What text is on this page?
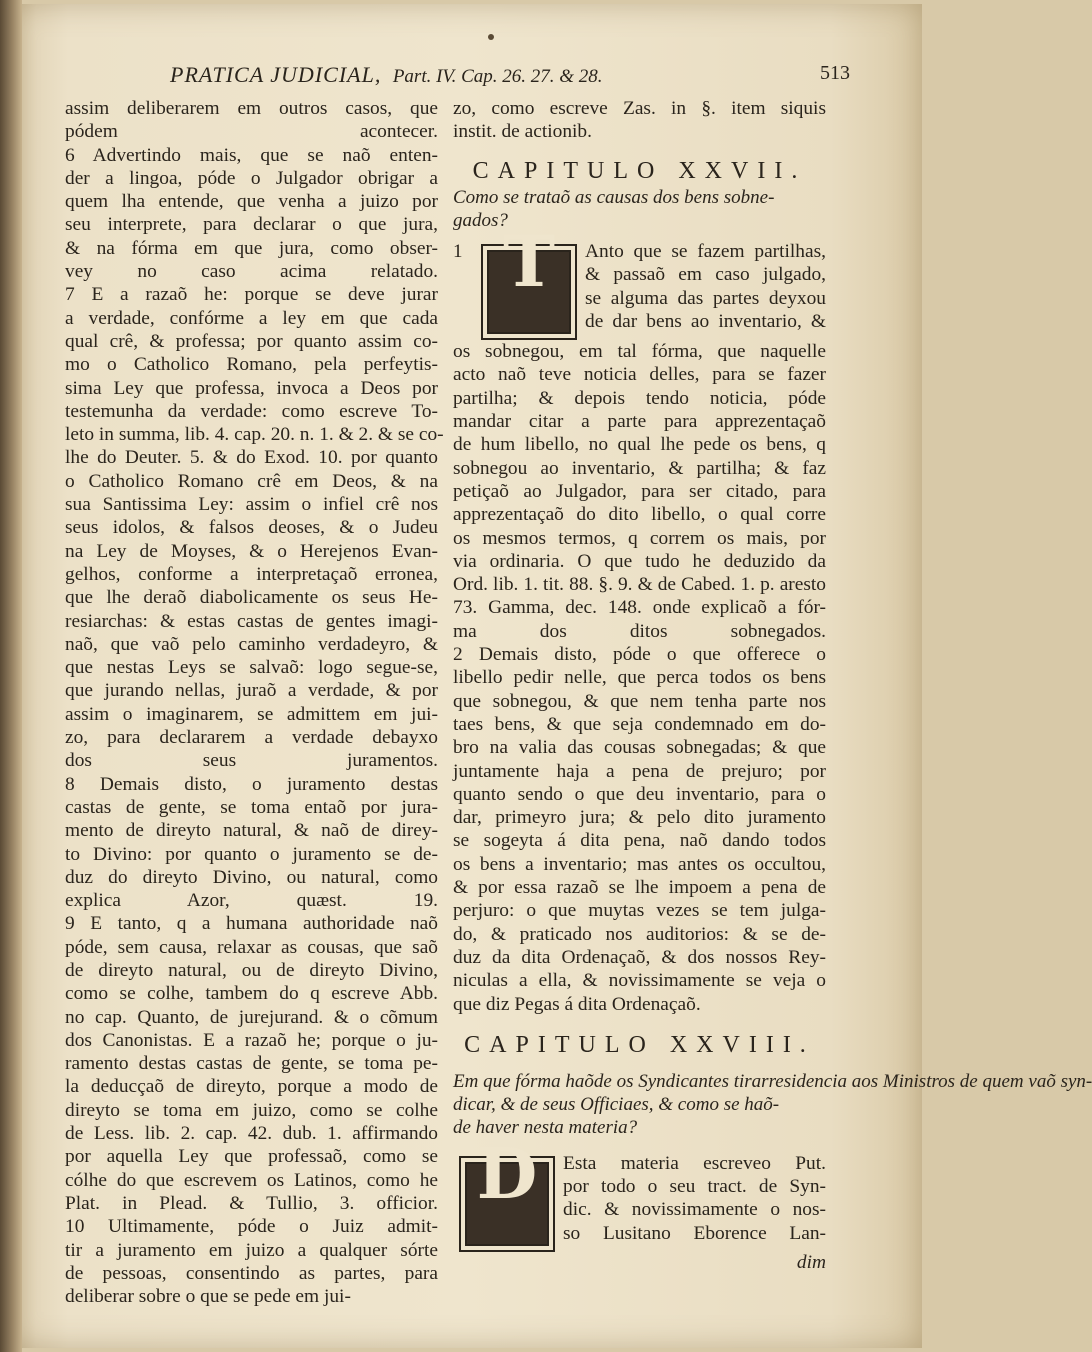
PRATICA JUDICIAL, Part. IV. Cap. 26. 27. & 28.	513
assim deliberarem em outros casos, que
pódem acontecer.
6 Advertindo mais, que se naõ enten-
der a lingoa, póde o Julgador obrigar a
quem lha entende, que venha a juizo por
seu interprete, para declarar o que jura,
& na fórma em que jura, como obser-
vey no caso acima relatado.
7 E a razaõ he: porque se deve jurar
a verdade, confórme a ley em que cada
qual crê, & professa; por quanto assim co-
mo o Catholico Romano, pela perfeytis-
sima Ley que professa, invoca a Deos por
testemunha da verdade: como escreve To-
leto in summa, lib. 4. cap. 20. n. 1. & 2. & se co-
lhe do Deuter. 5. & do Exod. 10. por quanto
o Catholico Romano crê em Deos, & na
sua Santissima Ley: assim o infiel crê nos
seus idolos, & falsos deoses, & o Judeu
na Ley de Moyses, & o Herejenos Evan-
gelhos, conforme a interpretaçaõ erronea,
que lhe deraõ diabolicamente os seus He-
resiarchas: & estas castas de gentes imagi-
naõ, que vaõ pelo caminho verdadeyro, &
que nestas Leys se salvaõ: logo segue-se,
que jurando nellas, juraõ a verdade, & por
assim o imaginarem, se admittem em jui-
zo, para declararem a verdade debayxo
dos seus juramentos.
8 Demais disto, o juramento destas
castas de gente, se toma entaõ por jura-
mento de direyto natural, & naõ de direy-
to Divino: por quanto o juramento se de-
duz do direyto Divino, ou natural, como
explica Azor, quæst. 19.
9 E tanto, q a humana authoridade naõ
póde, sem causa, relaxar as cousas, que saõ
de direyto natural, ou de direyto Divino,
como se colhe, tambem do q escreve Abb.
no cap. Quanto, de jurejurand. & o cõmum
dos Canonistas. E a razaõ he; porque o ju-
ramento destas castas de gente, se toma pe-
la deducçaõ de direyto, porque a modo de
direyto se toma em juizo, como se colhe
de Less. lib. 2. cap. 42. dub. 1. affirmando
por aquella Ley que professaõ, como se
cólhe do que escrevem os Latinos, como he
Plat. in Plead. & Tullio, 3. officior.
10 Ultimamente, póde o Juiz admit-
tir a juramento em juizo a qualquer sórte
de pessoas, consentindo as partes, para
deliberar sobre o que se pede em jui-
zo, como escreve Zas. in §. item siquis
instit. de actionib.
CAPITULO XXVII.
Como se trataõ as causas dos bens sobne-gados?
1 T	Anto que se fazem partilhas,
& passaõ em caso julgado,
se alguma das partes deyxou
de dar bens ao inventario, &
os sobnegou, em tal fórma, que naquelle
acto naõ teve noticia delles, para se fazer
partilha; & depois tendo noticia, póde
mandar citar a parte para apprezentaçaõ
de hum libello, no qual lhe pede os bens, q
sobnegou ao inventario, & partilha; & faz
petiçaõ ao Julgador, para ser citado, para
apprezentaçaõ do dito libello, o qual corre
os mesmos termos, q correm os mais, por
via ordinaria. O que tudo he deduzido da
Ord. lib. 1. tit. 88. §. 9. & de Cabed. 1. p. aresto
73. Gamma, dec. 148. onde explicaõ a fór-
ma dos ditos sobnegados.
2 Demais disto, póde o que offerece o
libello pedir nelle, que perca todos os bens
que sobnegou, & que nem tenha parte nos
taes bens, & que seja condemnado em do-
bro na valia das cousas sobnegadas; & que
juntamente haja a pena de prejuro; por
quanto sendo o que deu inventario, para o
dar, primeyro jura; & pelo dito juramento
se sogeyta á dita pena, naõ dando todos
os bens a inventario; mas antes os occultou,
& por essa razaõ se lhe impoem a pena de
perjuro: o que muytas vezes se tem julga-
do, & praticado nos auditorios: & se de-
duz da dita Ordenaçaõ, & dos nossos Rey-
niculas a ella, & novissimamente se veja o
que diz Pegas á dita Ordenaçaõ.
CAPITULO XXVIII.
Em que fórma haõde os Syndicantes tirarresidencia aos Ministros de quem vaõ syn-dicar, & de seus Officiaes, & como se haõ-de haver nesta materia?
D	Esta materia escreveo Put.
por todo o seu tract. de Syn-
dic. & novissimamente o nos-
so Lusitano Eborence Lan-
dim
